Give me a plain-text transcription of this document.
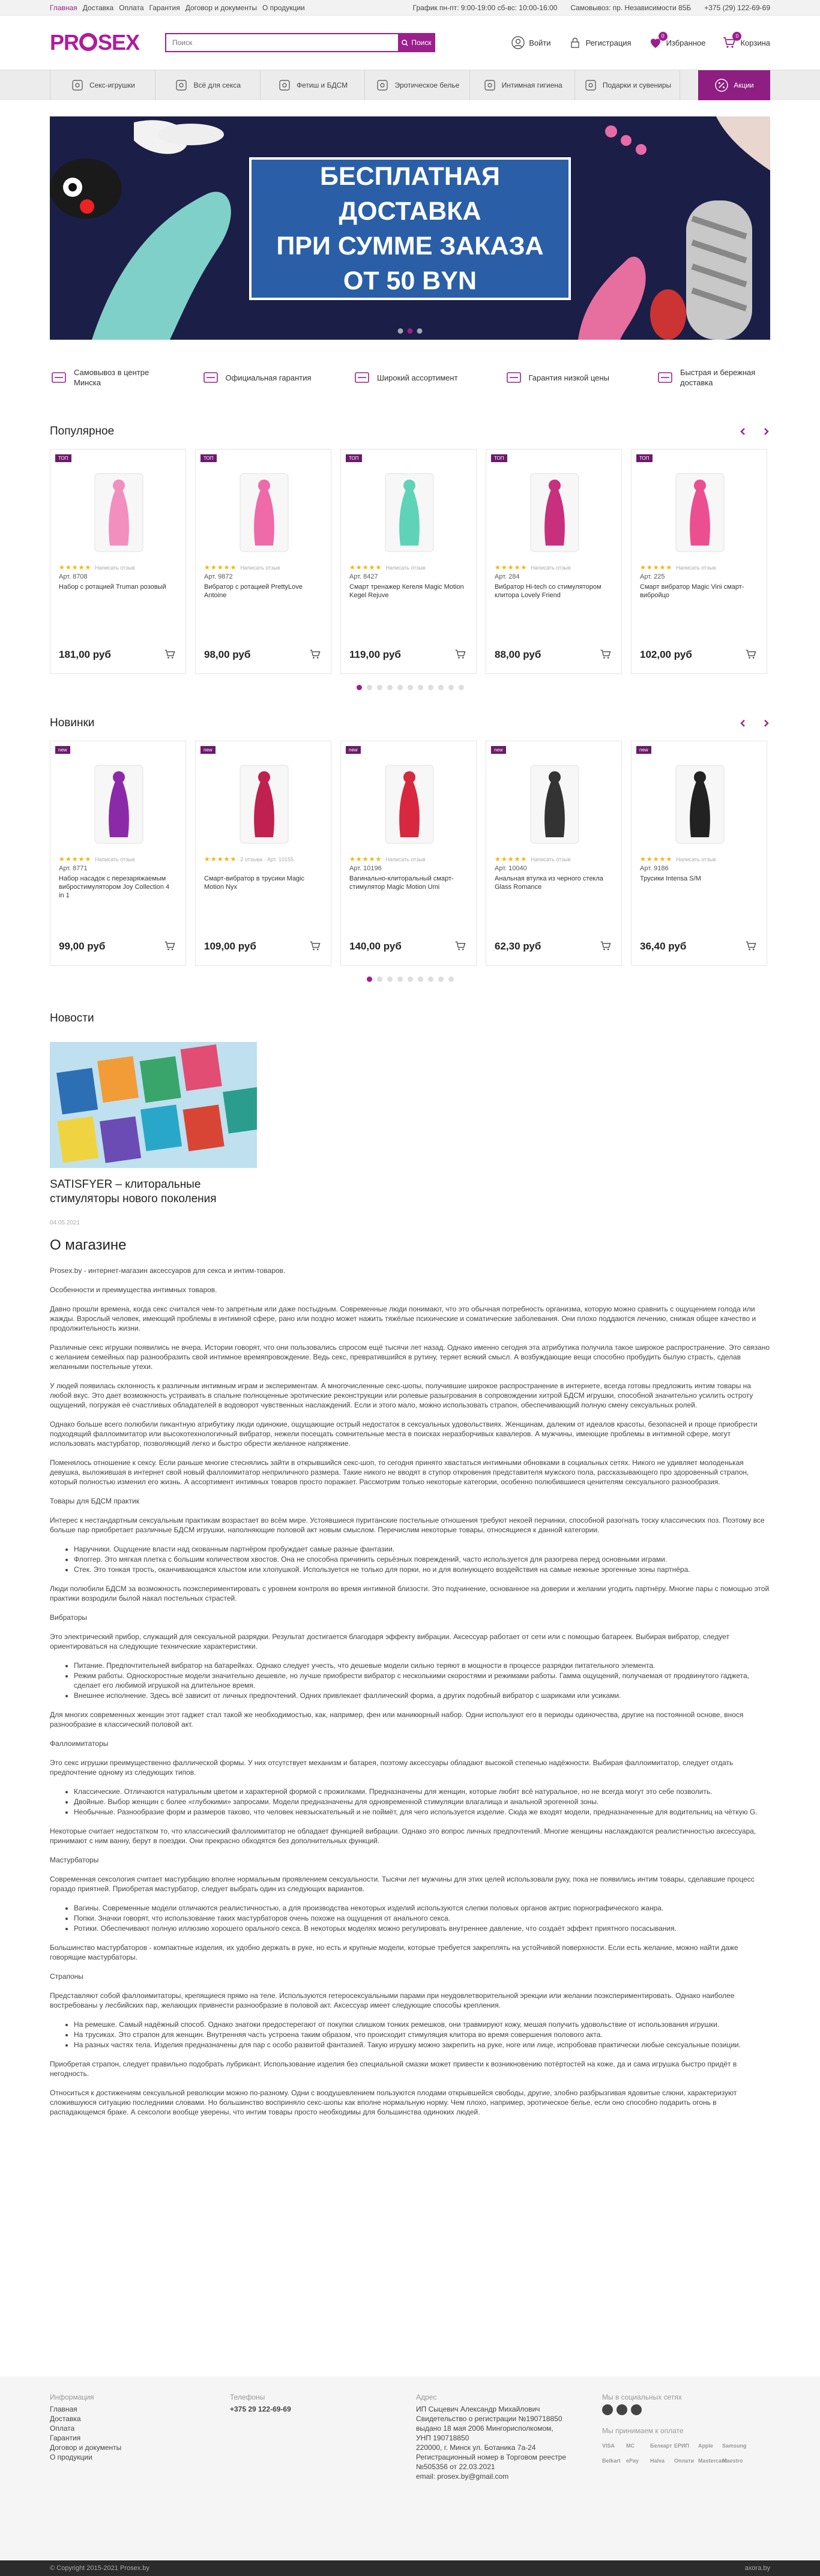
Главная Доставка Оплата Гарантия Договор и документы О продукции	График пн-пт: 9:00-19:00 сб-вс: 10:00-16:00 Самовывоз: пр. Независимости 85Б +375 (29) 122-69-69
PR SEX
Поиск	Поиск	Войти	Регистрация
0
Избранное
0
Корзина
Секс-игрушки	Всё для секса	Фетиш и БДСМ	Эротическое белье	Интимная гигиена	Подарки и сувениры	Акции
БЕСПЛАТНАЯ ДОСТАВКА
ПРИ СУММЕ ЗАКАЗА
ОТ 50 BYN
Самовывоз в центре Минска
Официальная гарантия	Широкий ассортимент	Гарантия низкой цены
Быстрая и бережная доставка
Популярное
ТОП
★★★★★ Написать отзыв
Арт. 8708
Набор с ротацией Truman розовый
181,00 руб
ТОП
★★★★★ Написать отзыв
Арт. 9872
Вибратор с ротацией PrettyLove Antoine
98,00 руб
ТОП
★★★★★ Написать отзыв
Арт. 8427
Смарт тренажер Кегеля Magic Motion Kegel Rejuve
119,00 руб
ТОП
★★★★★ Написать отзыв
Арт. 284
Вибратор Hi-tech со стимулятором клитора Lovely Friend
88,00 руб
ТОП
★★★★★ Написать отзыв
Арт. 225
Смарт вибратор Magic Vini смарт-вибройцо
102,00 руб
Новинки
new
★★★★★ Написать отзыв
Арт. 8771
Набор насадок с перезаряжаемым вибростимулятором Joy Collection 4 in 1
99,00 руб
new
★★★★★ 2 отзыва · Арт. 10155
Смарт-вибратор в трусики Magic Motion Nyx
109,00 руб
new
★★★★★ Написать отзыв
Арт. 10196
Вагинально-клиторальный смарт-стимулятор Magic Motion Umi
140,00 руб
new
★★★★★ Написать отзыв
Арт. 10040
Анальная втулка из черного стекла Glass Romance
62,30 руб
new
★★★★★ Написать отзыв
Арт. 9186
Трусики Intensa S/M
36,40 руб
Новости
SATISFYER – клиторальные стимуляторы нового поколения
04.05.2021
О магазине

Prosex.by - интернет-магазин аксессуаров для секса и интим-товаров.

Особенности и преимущества интимных товаров.

Давно прошли времена, когда секс считался чем-то запретным или даже постыдным. Современные люди понимают, что это обычная потребность организма, которую можно сравнить с ощущением голода или жажды. Взрослый человек, имеющий проблемы в интимной сфере, рано или поздно может нажить тяжёлые психические и соматические заболевания. Они плохо поддаются лечению, снижая общее качество и продолжительность жизни.

Различные секс игрушки появились не вчера. Истории говорят, что они пользовались спросом ещё тысячи лет назад. Однако именно сегодня эта атрибутика получила такое широкое распространение. Это связано с желанием семейных пар разнообразить свой интимное времяпровождение. Ведь секс, превратившийся в рутину, теряет всякий смысл. А возбуждающие вещи способно пробудить былую страсть, сделав желанными постельные утехи.

У людей появилась склонность к различным интимным играм и экспериментам. А многочисленные секс-шопы, получившие широкое распространение в интернете, всегда готовы предложить интим товары на любой вкус. Это дает возможность устраивать в спальне полноценные эротические реконструкции или ролевые разыгрования в сопровождении хитрой БДСМ игрушки, способной значительно усилить остроту ощущений, погружая её счастливых обладателей в водоворот чувственных наслаждений. Если и этого мало, можно использовать страпон, обеспечивающий полную смену сексуальных ролей.

Однако больше всего полюбили пикантную атрибутику люди одинокие, ощущающие острый недостаток в сексуальных удовольствиях. Женщинам, далеким от идеалов красоты, безопасней и проще приобрести подходящий фаллоимитатор или высокотехнологичный вибратор, нежели посещать сомнительные места в поисках неразборчивых кавалеров. А мужчины, имеющие проблемы в интимной сфере, могут использовать мастурбатор, позволяющий легко и быстро обрести желанное напряжение.

Поменялось отношение к сексу. Если раньше многие стеснялись зайти в открывшийся секс-шоп, то сегодня принято хвастаться интимными обновками в социальных сетях. Никого не удивляет молоденькая девушка, выложившая в интернет свой новый фаллоимитатор неприличного размера. Такие никого не вводят в ступор откровения представителя мужского пола, рассказывающего про здоровенный страпон, который полностью изменил его жизнь. А ассортимент интимных товаров просто поражает. Рассмотрим только некоторые категории, особенно полюбившиеся ценителям сексуального разнообразия.

Товары для БДСМ практик

Интерес к нестандартным сексуальным практикам возрастает во всём мире. Устоявшиеся пуританские постельные отношения требуют некоей перчинки, способной разогнать тоску классических поз. Поэтому все больше пар приобретает различные БДСМ игрушки, наполняющие половой акт новым смыслом. Перечислим некоторые товары, относящиеся к данной категории.

• Наручники. Ощущение власти над скованным партнёром пробуждает самые разные фантазии.
• Флоггер. Это мягкая плетка с большим количеством хвостов. Она не способна причинить серьёзных повреждений, часто используется для разогрева перед основными играми.
• Стек. Это тонкая трость, оканчивающаяся хлыстом или хлопушкой. Используется не только для порки, но и для волнующего воздействия на самые нежные эрогенные зоны партнёра.

Люди полюбили БДСМ за возможность поэкспериментировать с уровнем контроля во время интимной близости. Это подчинение, основанное на доверии и желании угодить партнёру. Многие пары с помощью этой практики возродили былой накал постельных страстей.

Вибраторы

Это электрический прибор, служащий для сексуальной разрядки. Результат достигается благодаря эффекту вибрации. Аксессуар работает от сети или с помощью батареек. Выбирая вибратор, следует ориентироваться на следующие технические характеристики.

• Питание. Предпочтительней вибратор на батарейках. Однако следует учесть, что дешевые модели сильно теряют в мощности в процессе разрядки питательного элемента.
• Режим работы. Односкоростные модели значительно дешевле, но лучше приобрести вибратор с несколькими скоростями и режимами работы. Гамма ощущений, получаемая от продвинутого гаджета, сделает его любимой игрушкой на длительное время.
• Внешнее исполнение. Здесь всё зависит от личных предпочтений. Одних привлекает фаллический форма, а других подобный вибратор с шариками или усиками.

Для многих современных женщин этот гаджет стал такой же необходимостью, как, например, фен или маникюрный набор. Одни используют его в периоды одиночества, другие на постоянной основе, внося разнообразие в классический половой акт.

Фаллоимитаторы

Это секс игрушки преимущественно фаллической формы. У них отсутствует механизм и батарея, поэтому аксессуары обладают высокой степенью надёжности. Выбирая фаллоимитатор, следует отдать предпочтение одному из следующих типов.

• Классические. Отличаются натуральным цветом и характерной формой с прожилками. Предназначены для женщин, которые любят всё натуральное, но не всегда могут это себе позволить.
• Двойные. Выбор женщин с более «глубокими» запросами. Модели предназначены для одновременной стимуляции влагалища и анальной эрогенной зоны.
• Необычные. Разнообразие форм и размеров таково, что человек невзыскательный и не поймёт, для чего используется изделие. Сюда же входят модели, предназначенные для водительниц на чёткую G.

Некоторые считает недостатком то, что классический фаллоимитатор не обладает функцией вибрации. Однако это вопрос личных предпочтений. Многие женщины наслаждаются реалистичностью аксессуара, принимают с ним ванну, берут в поездки. Они прекрасно обходятся без дополнительных функций.

Мастурбаторы

Современная сексология считает мастурбацию вполне нормальным проявлением сексуальности. Тысячи лет мужчины для этих целей использовали руку, пока не появились интим товары, сделавшие процесс гораздо приятней. Приобретая мастурбатор, следует выбрать один из следующих вариантов.

• Вагины. Современные модели отличаются реалистичностью, а для производства некоторых изделий используются слепки половых органов актрис порнографического жанра.
• Попки. Значки говорят, что использование таких мастурбаторов очень похоже на ощущения от анального секса.
• Ротики. Обеспечивают полную иллюзию хорошего орального секса. В некоторых моделях можно регулировать внутреннее давление, что создаёт эффект приятного посасывания.

Большинство мастурбаторов - компактные изделия, их удобно держать в руке, но есть и крупные модели, которые требуется закреплять на устойчивой поверхности. Если есть желание, можно найти даже говорящие мастурбаторы.

Страпоны

Представляют собой фаллоимитаторы, крепящиеся прямо на теле. Используются гетеросексуальными парами при неудовлетворительной эрекции или желании поэкспериментировать. Однако наиболее востребованы у лесбийских пар, желающих привнести разнообразие в половой акт. Аксессуар имеет следующие способы крепления.

• На ремешке. Самый надёжный способ. Однако знатоки предостерегают от покупки слишком тонких ремешков, они травмируют кожу, мешая получить удовольствие от использования игрушки.
• На трусиках. Это страпон для женщин. Внутренняя часть устроена таким образом, что происходит стимуляция клитора во время совершения полового акта.
• На разных частях тела. Изделия предназначены для пар с особо развитой фантазией. Такую игрушку можно закрепить на руке, ноге или лице, испробовав практически любые сексуальные позиции.

Приобретая страпон, следует правильно подобрать лубрикант. Использование изделия без специальной смазки может привести к возникновению потёртостей на коже, да и сама игрушка быстро придёт в негодность.

Относиться к достижениям сексуальной революции можно по-разному. Одни с воодушевлением пользуются плодами открывшейся свободы, другие, злобно разбрызгивая ядовитые слюни, характеризуют сложившуюся ситуацию последними словами. Но большинство восприняло секс-шопы как вполне нормальную норму. Чем плохо, например, эротическое белье, если оно способно подарить огонь в распадающемся браке. А сексологи вообще уверены, что интим товары просто необходимы для большинства одиноких людей.

Информация
Главная
Доставка
Оплата
Гарантия
Договор и документы
О продукции
Телефоны
+375 29 122-69-69
Адрес
ИП Сыцевич Александр Михайлович
Свидетельство о регистрации №190718850
выдано 18 мая 2006 Мингорисполкомом,
УНП 190718850
220000, г. Минск ул. Ботаника 7а-24
Регистрационный номер в Торговом реестре
№505356 от 22.03.2021
email: prosex.by@gmail.com
Мы в социальных сетях
Мы принимаем к оплате
VISA MC	Белкарт ЕРИП Apple SamsungBelkart ePay Halva Оплати MastercardMaestro
© Copyright 2015-2021 Prosex.by	axora.by
